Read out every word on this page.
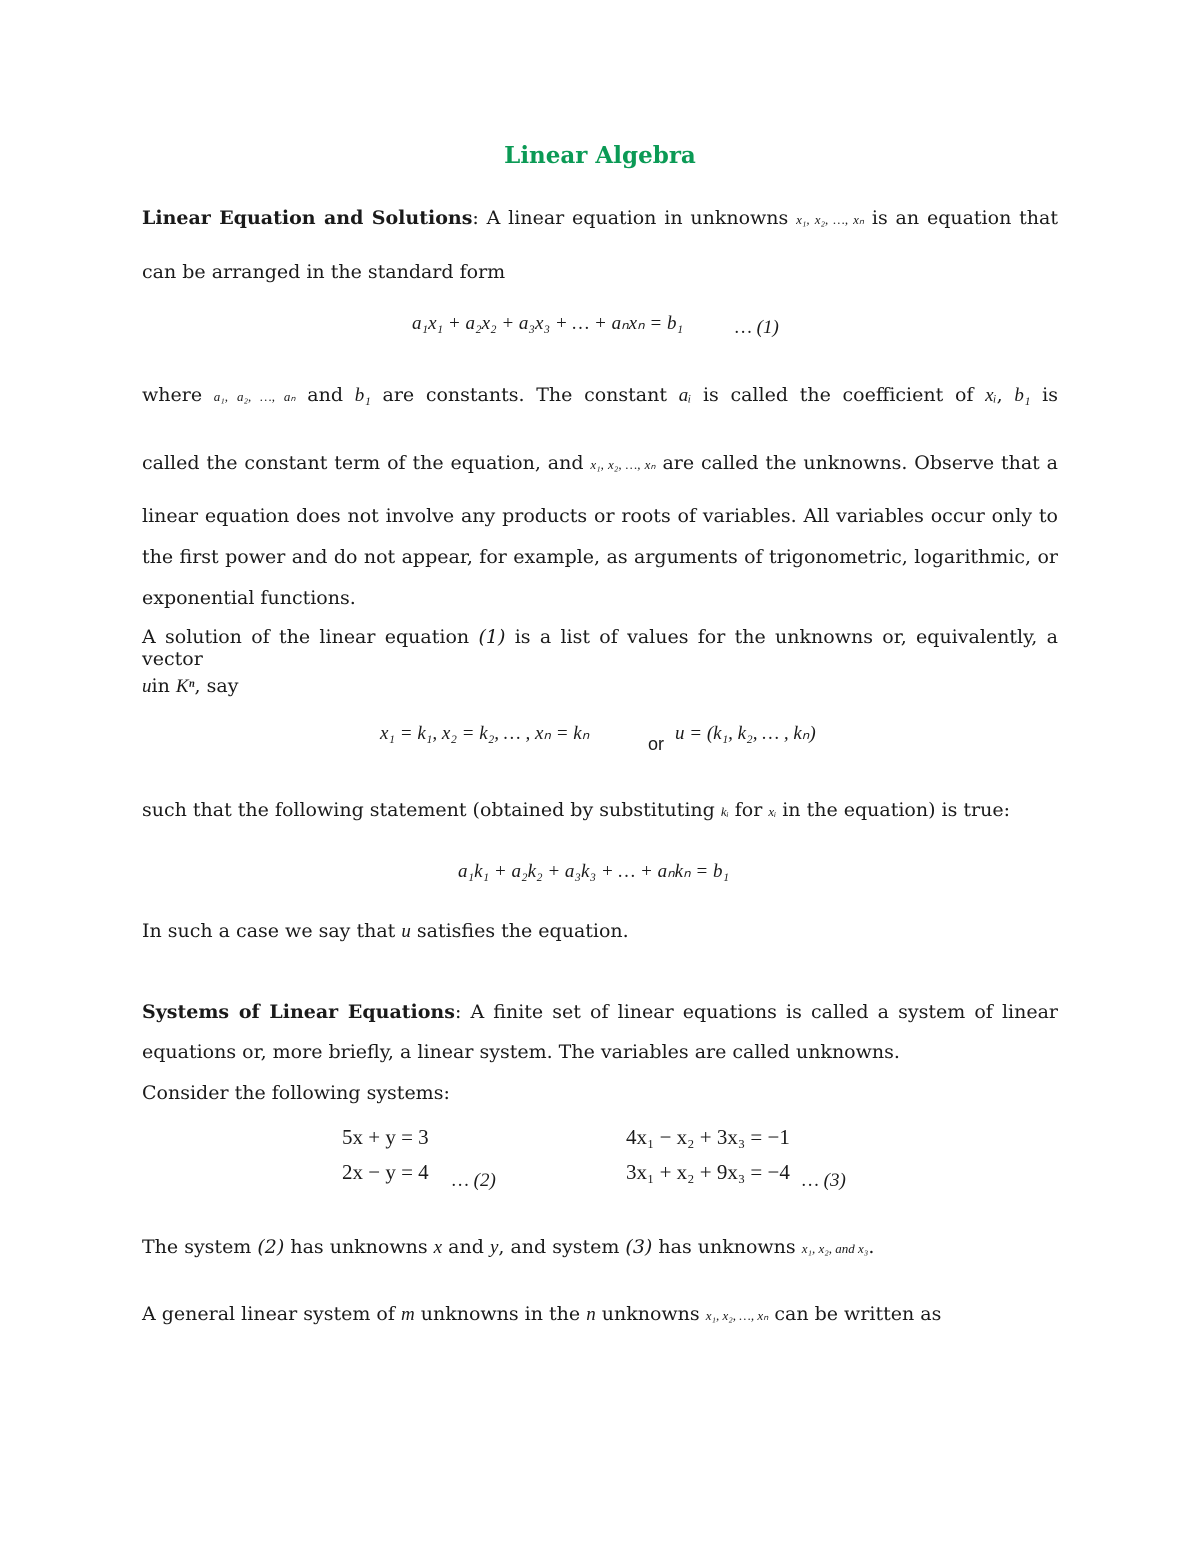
Linear Algebra
Linear Equation and Solutions: A linear equation in unknowns x₁, x₂, …, xₙ is an equation that
can be arranged in the standard form
a₁x₁ + a₂x₂ + a₃x₃ + … + aₙxₙ = b₁	… (1)
where a₁, a₂, …, aₙ and b₁ are constants. The constant aᵢ is called the coefficient of xᵢ, b₁ is
called the constant term of the equation, and x₁, x₂, …, xₙ are called the unknowns. Observe that a
linear equation does not involve any products or roots of variables. All variables occur only to
the first power and do not appear, for example, as arguments of trigonometric, logarithmic, or
exponential functions.
A solution of the linear equation (1) is a list of values for the unknowns or, equivalently, a vector
uin Kⁿ, say
x₁ = k₁, x₂ = k₂, … , xₙ = kₙ	or u = (k₁, k₂, … , kₙ)
such that the following statement (obtained by substituting kᵢ for xᵢ in the equation) is true:
a₁k₁ + a₂k₂ + a₃k₃ + … + aₙkₙ = b₁
In such a case we say that u satisfies the equation.
Systems of Linear Equations: A finite set of linear equations is called a system of linear
equations or, more briefly, a linear system. The variables are called unknowns.
Consider the following systems:
5x + y = 3
2x − y = 4 … (2)
4x₁ − x₂ + 3x₃ = −1
3x₁ + x₂ + 9x₃ = −4 … (3)
The system (2) has unknowns x and y, and system (3) has unknowns x₁, x₂, and x₃.
A general linear system of m unknowns in the n unknowns x₁, x₂, …, xₙ can be written as
